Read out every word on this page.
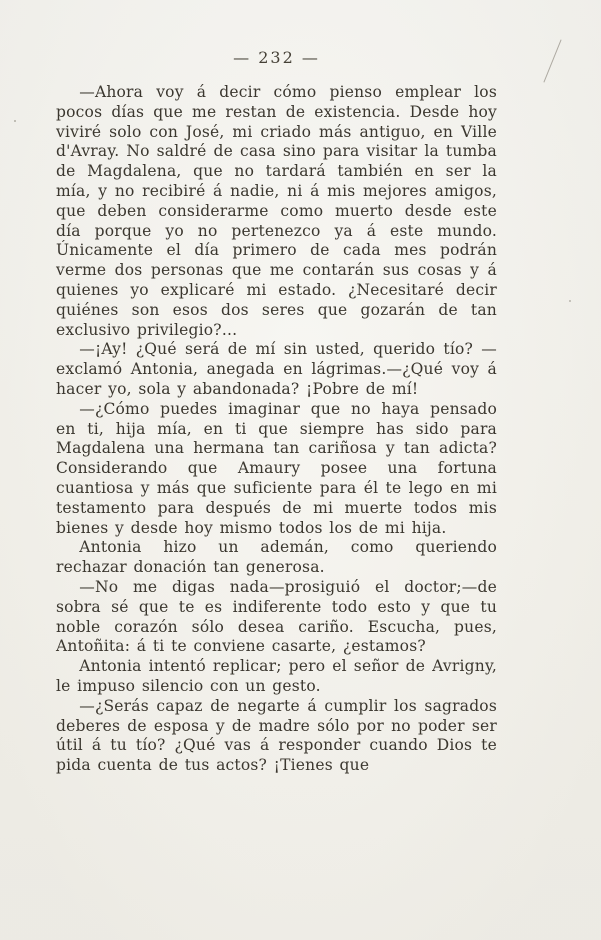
— 232 —

—Ahora voy á decir cómo pienso emplear los pocos días que me restan de existencia. Desde hoy viviré solo con José, mi criado más antiguo, en Ville d'Avray. No saldré de casa sino para visitar la tumba de Magdalena, que no tardará también en ser la mía, y no recibiré á nadie, ni á mis mejores amigos, que deben considerarme como muerto desde este día porque yo no pertenezco ya á este mundo. Únicamente el día primero de cada mes podrán verme dos personas que me contarán sus cosas y á quienes yo explicaré mi estado. ¿Necesitaré decir quiénes son esos dos seres que gozarán de tan exclusivo privilegio?...

—¡Ay! ¿Qué será de mí sin usted, querido tío? —exclamó Antonia, anegada en lágrimas.—¿Qué voy á hacer yo, sola y abandonada? ¡Pobre de mí!

—¿Cómo puedes imaginar que no haya pensado en ti, hija mía, en ti que siempre has sido para Magdalena una hermana tan cariñosa y tan adicta? Considerando que Amaury posee una fortuna cuantiosa y más que suficiente para él te lego en mi testamento para después de mi muerte todos mis bienes y desde hoy mismo todos los de mi hija.

Antonia hizo un ademán, como queriendo rechazar donación tan generosa.

—No me digas nada—prosiguió el doctor;—de sobra sé que te es indiferente todo esto y que tu noble corazón sólo desea cariño. Escucha, pues, Antoñita: á ti te conviene casarte, ¿estamos?

Antonia intentó replicar; pero el señor de Avrigny, le impuso silencio con un gesto.

—¿Serás capaz de negarte á cumplir los sagrados deberes de esposa y de madre sólo por no poder ser útil á tu tío? ¿Qué vas á responder cuando Dios te pida cuenta de tus actos? ¡Tienes que
